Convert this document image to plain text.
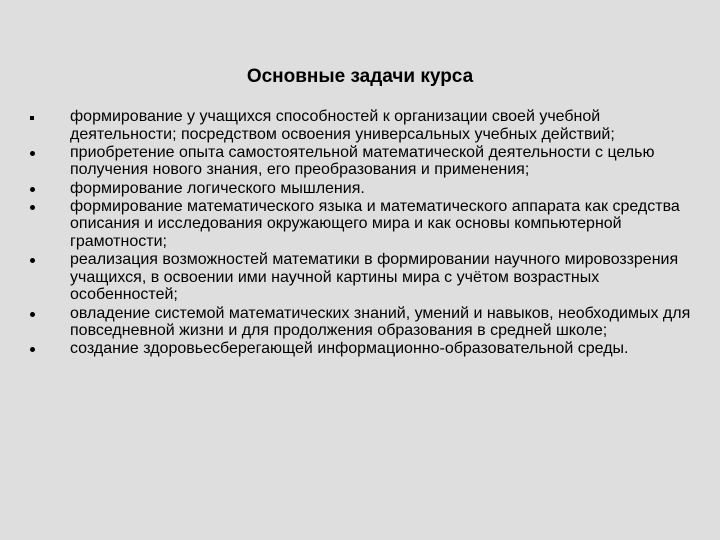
Основные задачи курса
формирование у учащихся способностей к организации своей учебной деятельности; посредством освоения универсальных учебных действий;
приобретение опыта самостоятельной математической деятельности с целью получения нового знания, его преобразования и применения;
формирование логического мышления.
формирование математического языка и математического аппарата как средства описания и исследования окружающего мира и как основы компьютерной грамотности;
реализация возможностей математики в формировании научного мировоззрения учащихся, в освоении ими научной картины мира с учётом возрастных особенностей;
овладение системой математических знаний, умений и навыков, необходимых для повседневной жизни и для продолжения образования в средней школе;
создание здоровьесберегающей информационно-образовательной среды.
